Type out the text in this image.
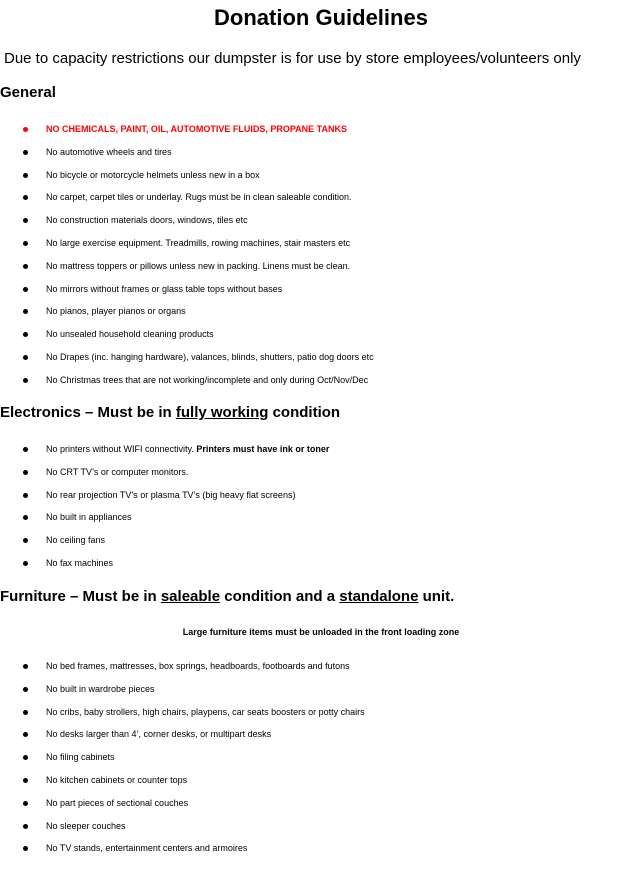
Donation Guidelines
Due to capacity restrictions our dumpster is for use by store employees/volunteers only
General
NO CHEMICALS, PAINT, OIL, AUTOMOTIVE FLUIDS, PROPANE TANKS
No automotive wheels and tires
No bicycle or motorcycle helmets unless new in a box
No carpet, carpet tiles or underlay. Rugs must be in clean saleable condition.
No construction materials doors, windows, tiles etc
No large exercise equipment. Treadmills, rowing machines, stair masters etc
No mattress toppers or pillows unless new in packing. Linens must be clean.
No mirrors without frames or glass table tops without bases
No pianos, player pianos or organs
No unsealed household cleaning products
No Drapes (inc. hanging hardware), valances, blinds, shutters, patio dog doors etc
No Christmas trees that are not working/incomplete and only during Oct/Nov/Dec
Electronics – Must be in fully working condition
No printers without WIFI connectivity. Printers must have ink or toner
No CRT TV’s or computer monitors.
No rear projection TV’s or plasma TV’s (big heavy flat screens)
No built in appliances
No ceiling fans
No fax machines
Furniture – Must be in saleable condition and a standalone unit.
Large furniture items must be unloaded in the front loading zone
No bed frames, mattresses, box springs, headboards, footboards and futons
No built in wardrobe pieces
No cribs, baby strollers, high chairs, playpens, car seats boosters or potty chairs
No desks larger than 4’, corner desks, or multipart desks
No filing cabinets
No kitchen cabinets or counter tops
No part pieces of sectional couches
No sleeper couches
No TV stands, entertainment centers and armoires
